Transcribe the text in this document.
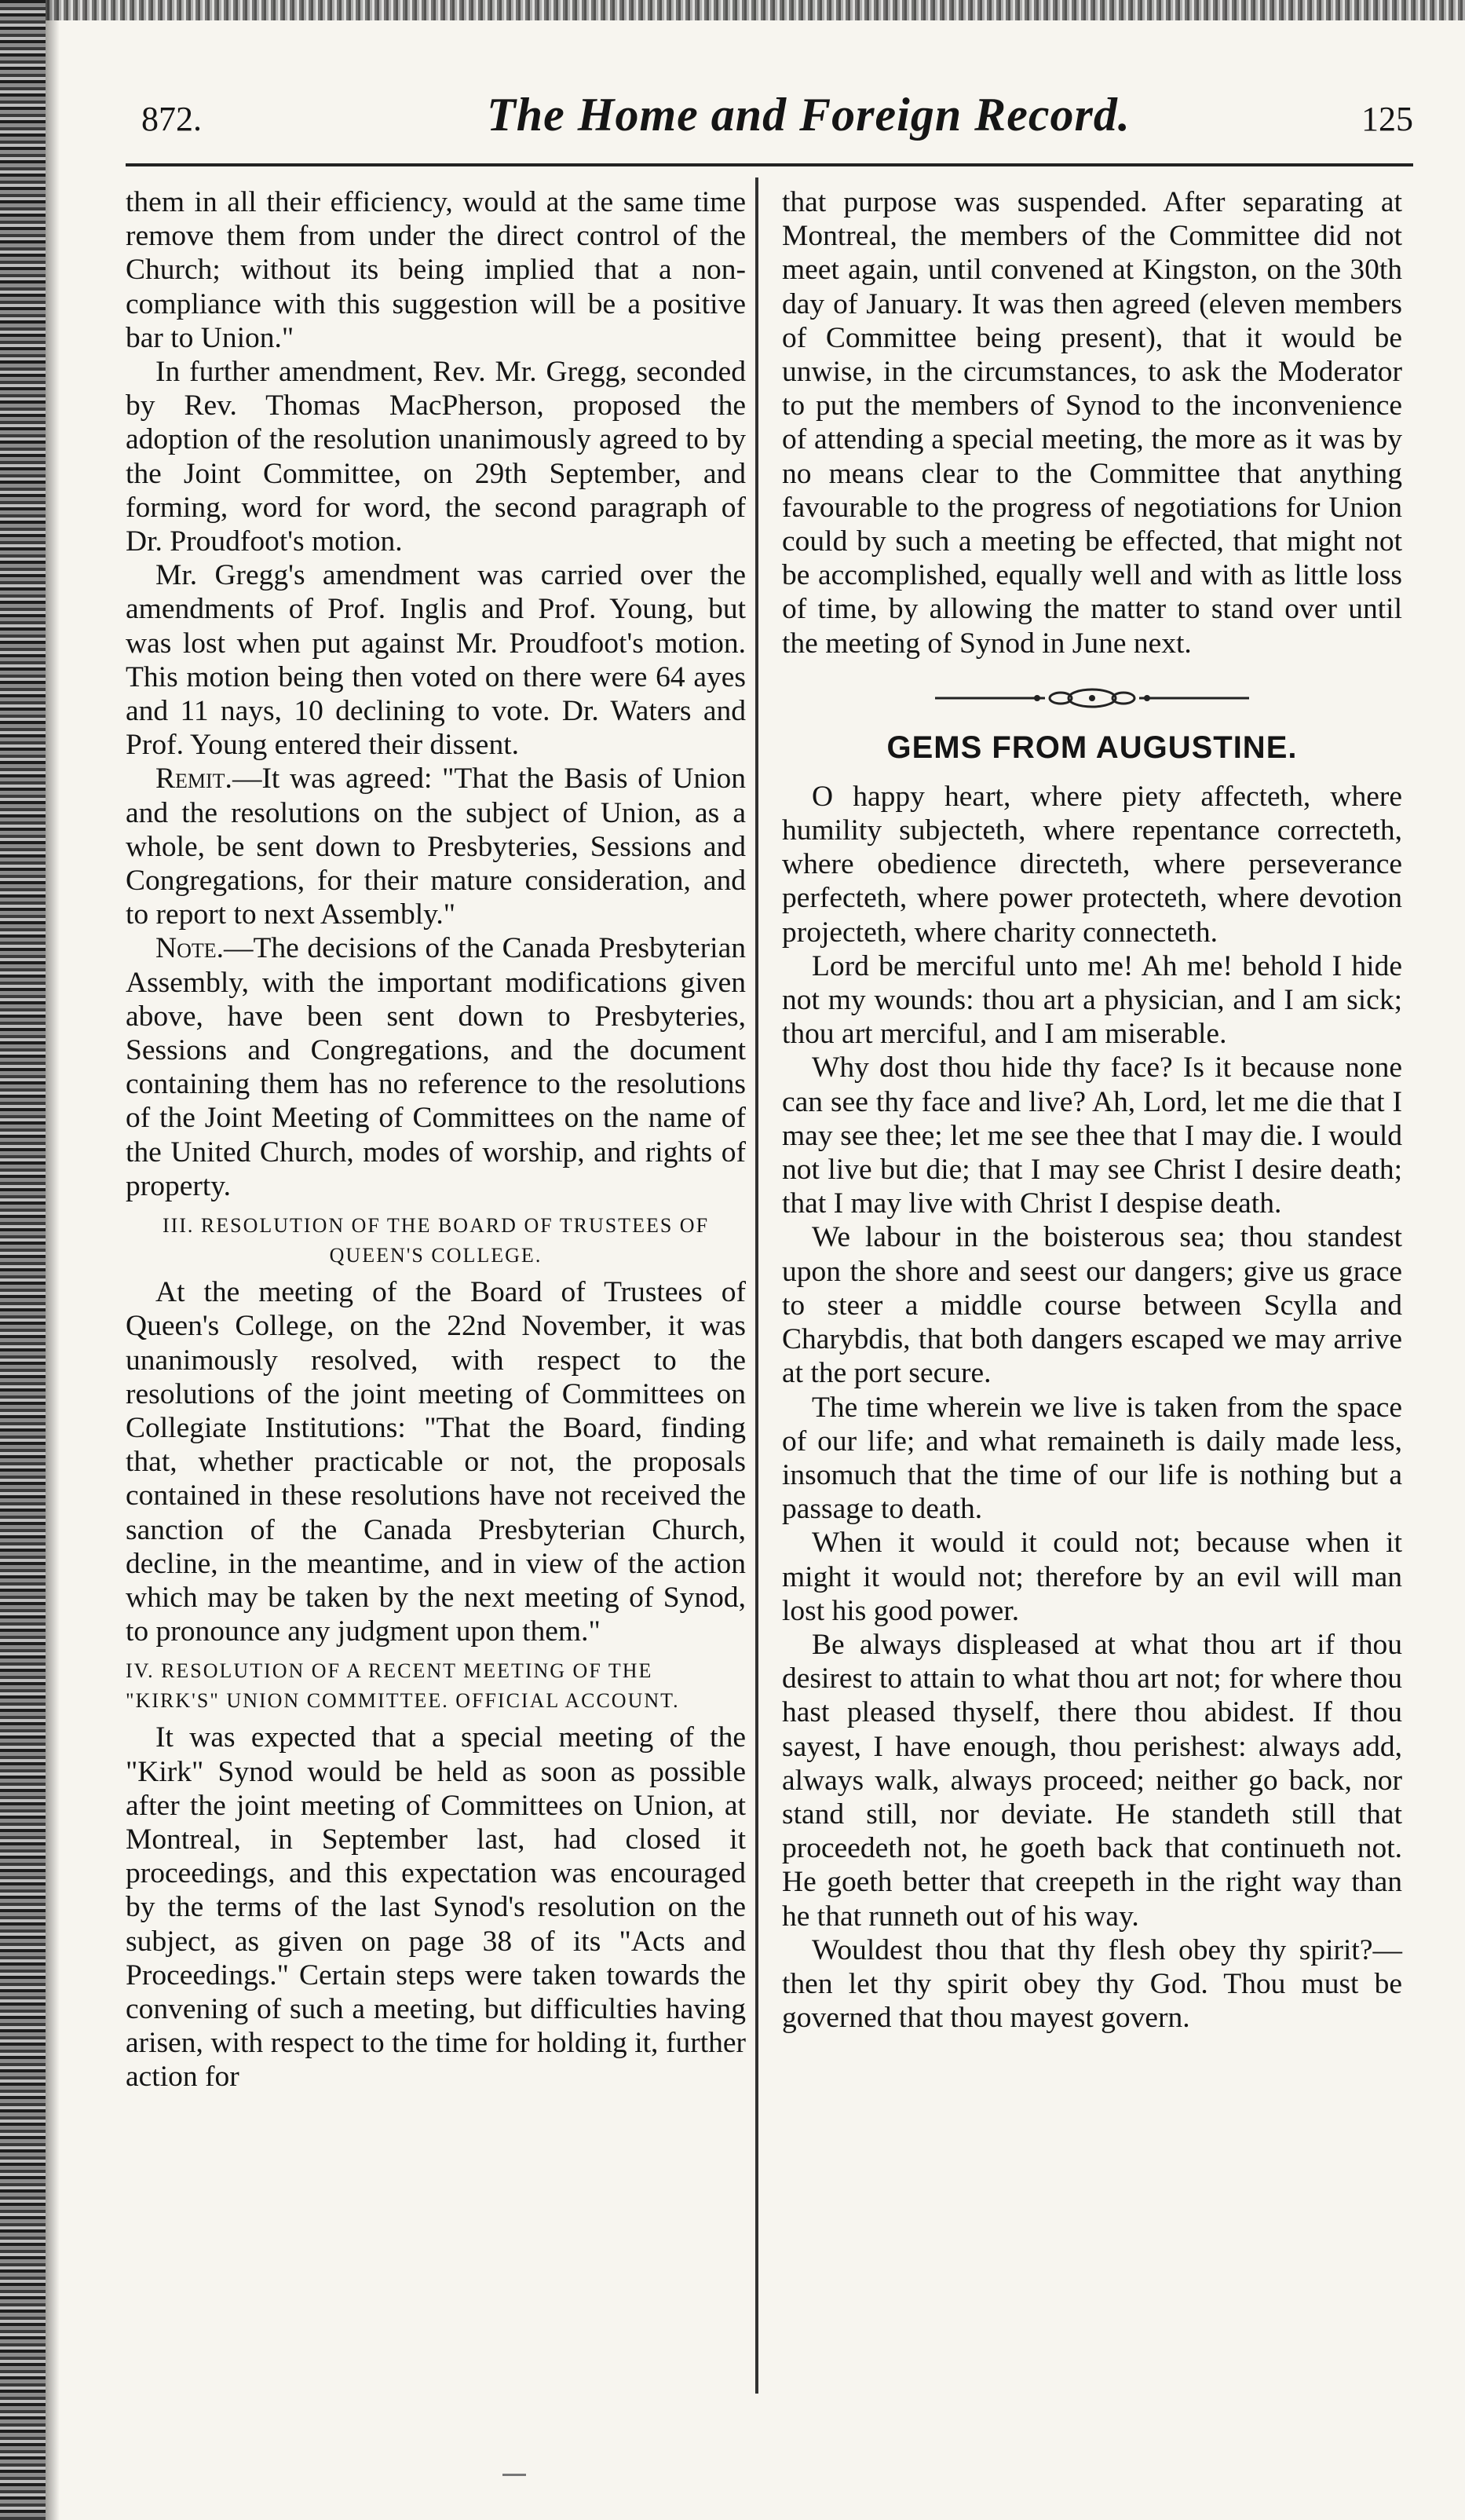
872.	The Home and Foreign Record.	125

them in all their efficiency, would at the same time remove them from under the direct control of the Church; without its being implied that a non-compliance with this suggestion will be a positive bar to Union."

In further amendment, Rev. Mr. Gregg, seconded by Rev. Thomas MacPherson, proposed the adoption of the resolution unanimously agreed to by the Joint Committee, on 29th September, and forming, word for word, the second paragraph of Dr. Proudfoot's motion.

Mr. Gregg's amendment was carried over the amendments of Prof. Inglis and Prof. Young, but was lost when put against Mr. Proudfoot's motion. This motion being then voted on there were 64 ayes and 11 nays, 10 declining to vote. Dr. Waters and Prof. Young entered their dissent.

Remit.—It was agreed: "That the Basis of Union and the resolutions on the subject of Union, as a whole, be sent down to Presbyteries, Sessions and Congregations, for their mature consideration, and to report to next Assembly."

Note.—The decisions of the Canada Presbyterian Assembly, with the important modifications given above, have been sent down to Presbyteries, Sessions and Congregations, and the document containing them has no reference to the resolutions of the Joint Meeting of Committees on the name of the United Church, modes of worship, and rights of property.

III. RESOLUTION OF THE BOARD OF TRUSTEES OF QUEEN'S COLLEGE.

At the meeting of the Board of Trustees of Queen's College, on the 22nd November, it was unanimously resolved, with respect to the resolutions of the joint meeting of Committees on Collegiate Institutions: "That the Board, finding that, whether practicable or not, the proposals contained in these resolutions have not received the sanction of the Canada Presbyterian Church, decline, in the meantime, and in view of the action which may be taken by the next meeting of Synod, to pronounce any judgment upon them."

IV. RESOLUTION OF A RECENT MEETING OF THE "KIRK'S" UNION COMMITTEE. OFFICIAL ACCOUNT.

It was expected that a special meeting of the "Kirk" Synod would be held as soon as possible after the joint meeting of Committees on Union, at Montreal, in September last, had closed it proceedings, and this expectation was encouraged by the terms of the last Synod's resolution on the subject, as given on page 38 of its "Acts and Proceedings." Certain steps were taken towards the convening of such a meeting, but difficulties having arisen, with respect to the time for holding it, further action for

that purpose was suspended. After separating at Montreal, the members of the Committee did not meet again, until convened at Kingston, on the 30th day of January. It was then agreed (eleven members of Committee being present), that it would be unwise, in the circumstances, to ask the Moderator to put the members of Synod to the inconvenience of attending a special meeting, the more as it was by no means clear to the Committee that anything favourable to the progress of negotiations for Union could by such a meeting be effected, that might not be accomplished, equally well and with as little loss of time, by allowing the matter to stand over until the meeting of Synod in June next.

GEMS FROM AUGUSTINE.

O happy heart, where piety affecteth, where humility subjecteth, where repentance correcteth, where obedience directeth, where perseverance perfecteth, where power protecteth, where devotion projecteth, where charity connecteth.

Lord be merciful unto me! Ah me! behold I hide not my wounds: thou art a physician, and I am sick; thou art merciful, and I am miserable.

Why dost thou hide thy face? Is it because none can see thy face and live? Ah, Lord, let me die that I may see thee; let me see thee that I may die. I would not live but die; that I may see Christ I desire death; that I may live with Christ I despise death.

We labour in the boisterous sea; thou standest upon the shore and seest our dangers; give us grace to steer a middle course between Scylla and Charybdis, that both dangers escaped we may arrive at the port secure.

The time wherein we live is taken from the space of our life; and what remaineth is daily made less, insomuch that the time of our life is nothing but a passage to death.

When it would it could not; because when it might it would not; therefore by an evil will man lost his good power.

Be always displeased at what thou art if thou desirest to attain to what thou art not; for where thou hast pleased thyself, there thou abidest. If thou sayest, I have enough, thou perishest: always add, always walk, always proceed; neither go back, nor stand still, nor deviate. He standeth still that proceedeth not, he goeth back that continueth not. He goeth better that creepeth in the right way than he that runneth out of his way.

Wouldest thou that thy flesh obey thy spirit?—then let thy spirit obey thy God. Thou must be governed that thou mayest govern.
